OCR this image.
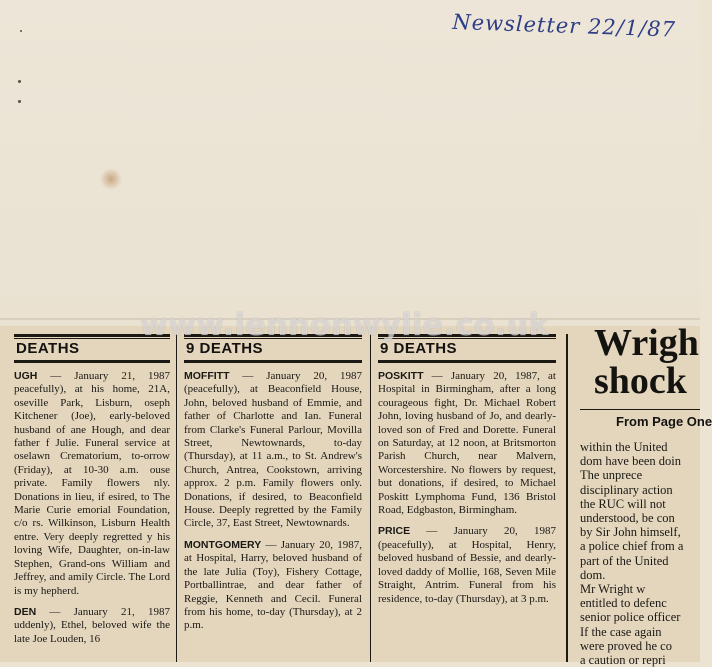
Newsletter 22/1/87
DEATHS

UGH — January 21, 1987 peacefully), at his home, 21A, oseville Park, Lisburn, oseph Kitchener (Joe), early-beloved husband of ane Hough, and dear father f Julie. Funeral service at oselawn Crematorium, to-orrow (Friday), at 10-30 a.m. ouse private. Family flowers nly. Donations in lieu, if esired, to The Marie Curie emorial Foundation, c/o rs. Wilkinson, Lisburn Health entre. Very deeply regretted y his loving Wife, Daughter, on-in-law Stephen, Grand-ons William and Jeffrey, and amily Circle. The Lord is my hepherd.

DEN — January 21, 1987 uddenly), Ethel, beloved wife the late Joe Louden, 16

9 DEATHS

MOFFITT — January 20, 1987 (peacefully), at Beaconfield House, John, beloved husband of Emmie, and father of Charlotte and Ian. Funeral from Clarke's Funeral Parlour, Movilla Street, Newtownards, to-day (Thursday), at 11 a.m., to St. Andrew's Church, Antrea, Cookstown, arriving approx. 2 p.m. Family flowers only. Donations, if desired, to Beaconfield House. Deeply regretted by the Family Circle, 37, East Street, Newtownards.

MONTGOMERY — January 20, 1987, at Hospital, Harry, beloved husband of the late Julia (Toy), Fishery Cottage, Portballintrae, and dear father of Reggie, Kenneth and Cecil. Funeral from his home, to-day (Thursday), at 2 p.m.

9 DEATHS

POSKITT — January 20, 1987, at Hospital in Birmingham, after a long courageous fight, Dr. Michael Robert John, loving husband of Jo, and dearly-loved son of Fred and Dorette. Funeral on Saturday, at 12 noon, at Britsmorton Parish Church, near Malvern, Worcestershire. No flowers by request, but donations, if desired, to Michael Poskitt Lymphoma Fund, 136 Bristol Road, Edgbaston, Birmingham.

PRICE — January 20, 1987 (peacefully), at Hospital, Henry, beloved husband of Bessie, and dearly-loved daddy of Mollie, 168, Seven Mile Straight, Antrim. Funeral from his residence, to-day (Thursday), at 3 p.m.

Wrigh
shock
From Page One

within the United

dom have been doin

The unprece

disciplinary action

the RUC will not

understood, be con

by Sir John himself,

a police chief from a

part of the United

dom.

Mr Wright w

entitled to defenc

senior police officer

If the case again

were proved he co

a caution or repri

www.lennonwylie.co.uk
